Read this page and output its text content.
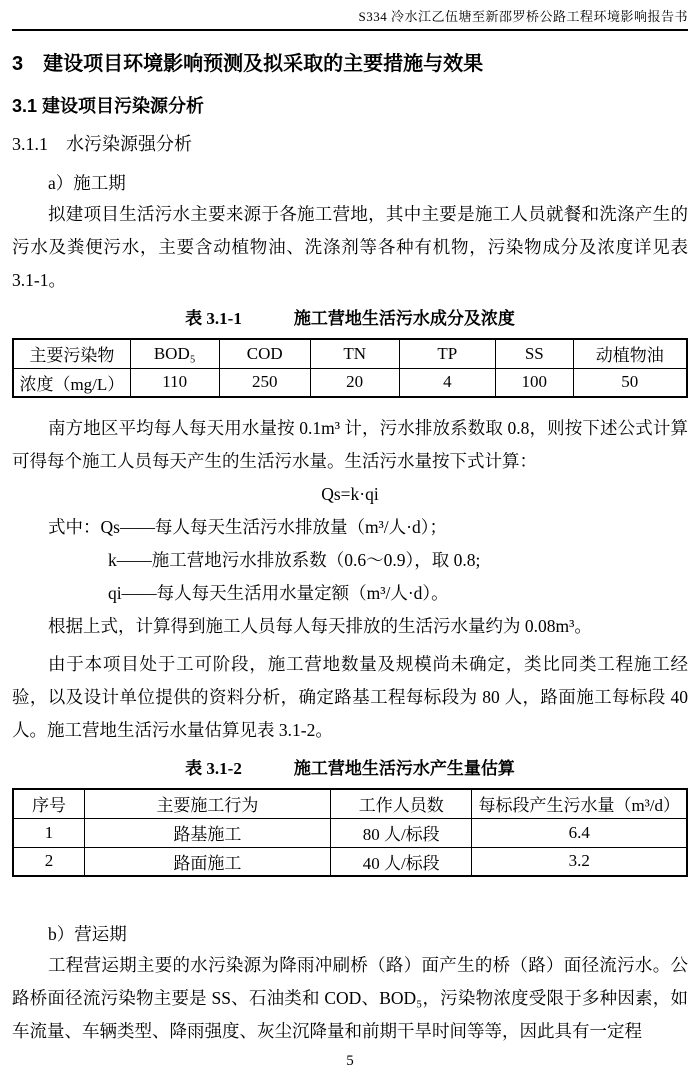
S334 冷水江乙伍塘至新邵罗桥公路工程环境影响报告书
3　建设项目环境影响预测及拟采取的主要措施与效果
3.1 建设项目污染源分析
3.1.1　水污染源强分析
a）施工期
拟建项目生活污水主要来源于各施工营地，其中主要是施工人员就餐和洗涤产生的污水及粪便污水，主要含动植物油、洗涤剂等各种有机物，污染物成分及浓度详见表 3.1-1。
表 3.1-1	施工营地生活污水成分及浓度
主要污染物	BOD₅	COD	TN	TP	SS	动植物油
浓度（mg/L）	110	250	20	4	100	50
南方地区平均每人每天用水量按 0.1m³ 计，污水排放系数取 0.8，则按下述公式计算可得每个施工人员每天产生的生活污水量。生活污水量按下式计算：
Qs=k·qi
式中：Qs——每人每天生活污水排放量（m³/人·d）；
k——施工营地污水排放系数（0.6～0.9），取 0.8;
qi——每人每天生活用水量定额（m³/人·d）。
根据上式，计算得到施工人员每人每天排放的生活污水量约为 0.08m³。
由于本项目处于工可阶段，施工营地数量及规模尚未确定，类比同类工程施工经验，以及设计单位提供的资料分析，确定路基工程每标段为 80 人，路面施工每标段 40 人。施工营地生活污水量估算见表 3.1-2。
表 3.1-2	施工营地生活污水产生量估算
序号	主要施工行为	工作人员数	每标段产生污水量（m³/d）
1	路基施工	80 人/标段	6.4
2	路面施工	40 人/标段	3.2
b）营运期
工程营运期主要的水污染源为降雨冲刷桥（路）面产生的桥（路）面径流污水。公路桥面径流污染物主要是 SS、石油类和 COD、BOD₅，污染物浓度受限于多种因素，如车流量、车辆类型、降雨强度、灰尘沉降量和前期干旱时间等等，因此具有一定程
5
